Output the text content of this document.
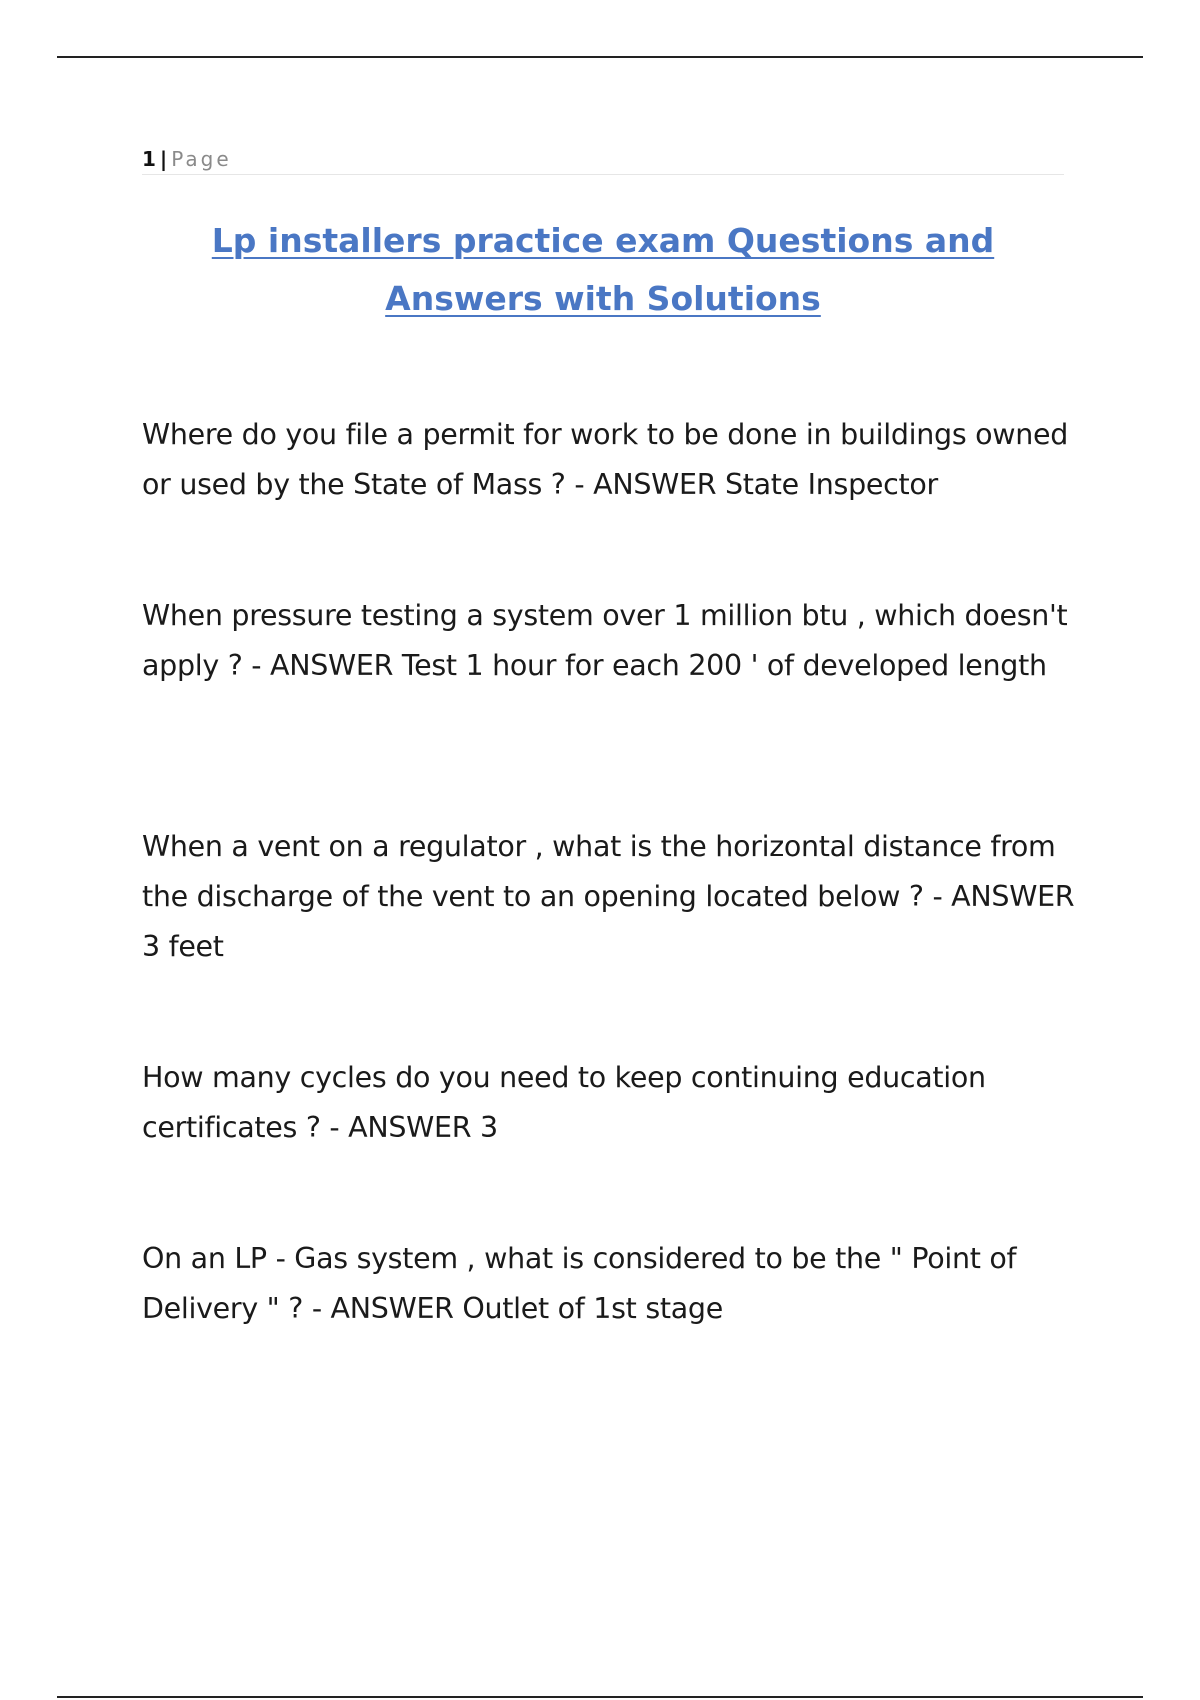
1 | Page
Lp installers practice exam Questions and Answers with Solutions

Where do you file a permit for work to be done in buildings owned or used by the State of Mass ? - ANSWER State Inspector

When pressure testing a system over 1 million btu , which doesn't apply ? - ANSWER Test 1 hour for each 200 ' of developed length

When a vent on a regulator , what is the horizontal distance from the discharge of the vent to an opening located below ? - ANSWER 3 feet

How many cycles do you need to keep continuing education certificates ? - ANSWER 3

On an LP - Gas system , what is considered to be the " Point of Delivery " ? - ANSWER Outlet of 1st stage
